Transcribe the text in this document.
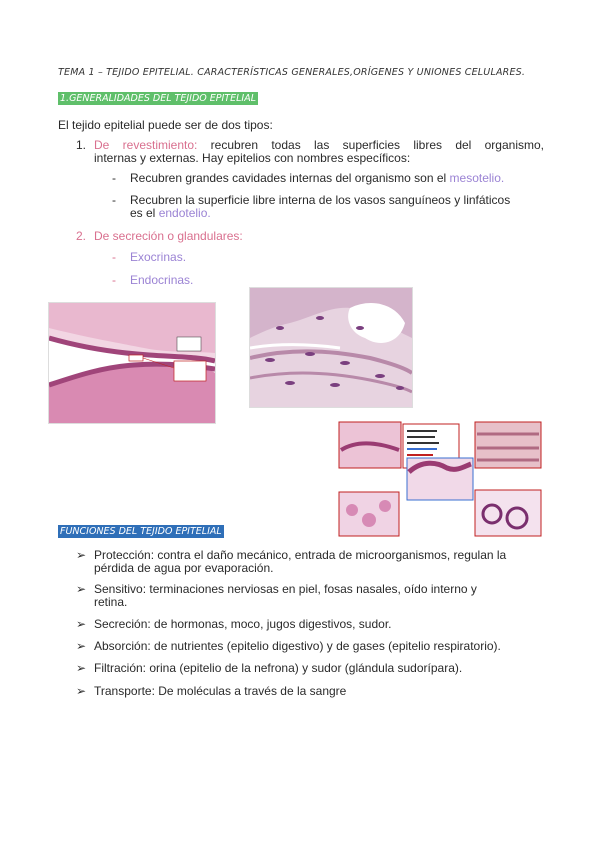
TEMA 1 – TEJIDO EPITELIAL. CARACTERÍSTICAS GENERALES,ORÍGENES Y UNIONES CELULARES.
1.GENERALIDADES DEL TEJIDO EPITELIAL
El tejido epitelial puede ser de dos tipos:
1. De revestimiento: recubren todas las superficies libres del organismo,
internas y externas. Hay epitelios con nombres específicos:
- Recubren grandes cavidades internas del organismo son el mesotelio.
- Recubren la superficie libre interna de los vasos sanguíneos y linfáticos
es el endotelio.
2. De secreción o glandulares:
- Exocrinas.
- Endocrinas.
FUNCIONES DEL TEJIDO EPITELIAL
➢ Protección: contra el daño mecánico, entrada de microorganismos, regulan la
pérdida de agua por evaporación.
➢ Sensitivo: terminaciones nerviosas en piel, fosas nasales, oído interno y
retina.
➢ Secreción: de hormonas, moco, jugos digestivos, sudor.
➢ Absorción: de nutrientes (epitelio digestivo) y de gases (epitelio respiratorio).
➢ Filtración: orina (epitelio de la nefrona) y sudor (glándula sudorípara).
➢ Transporte: De moléculas a través de la sangre
